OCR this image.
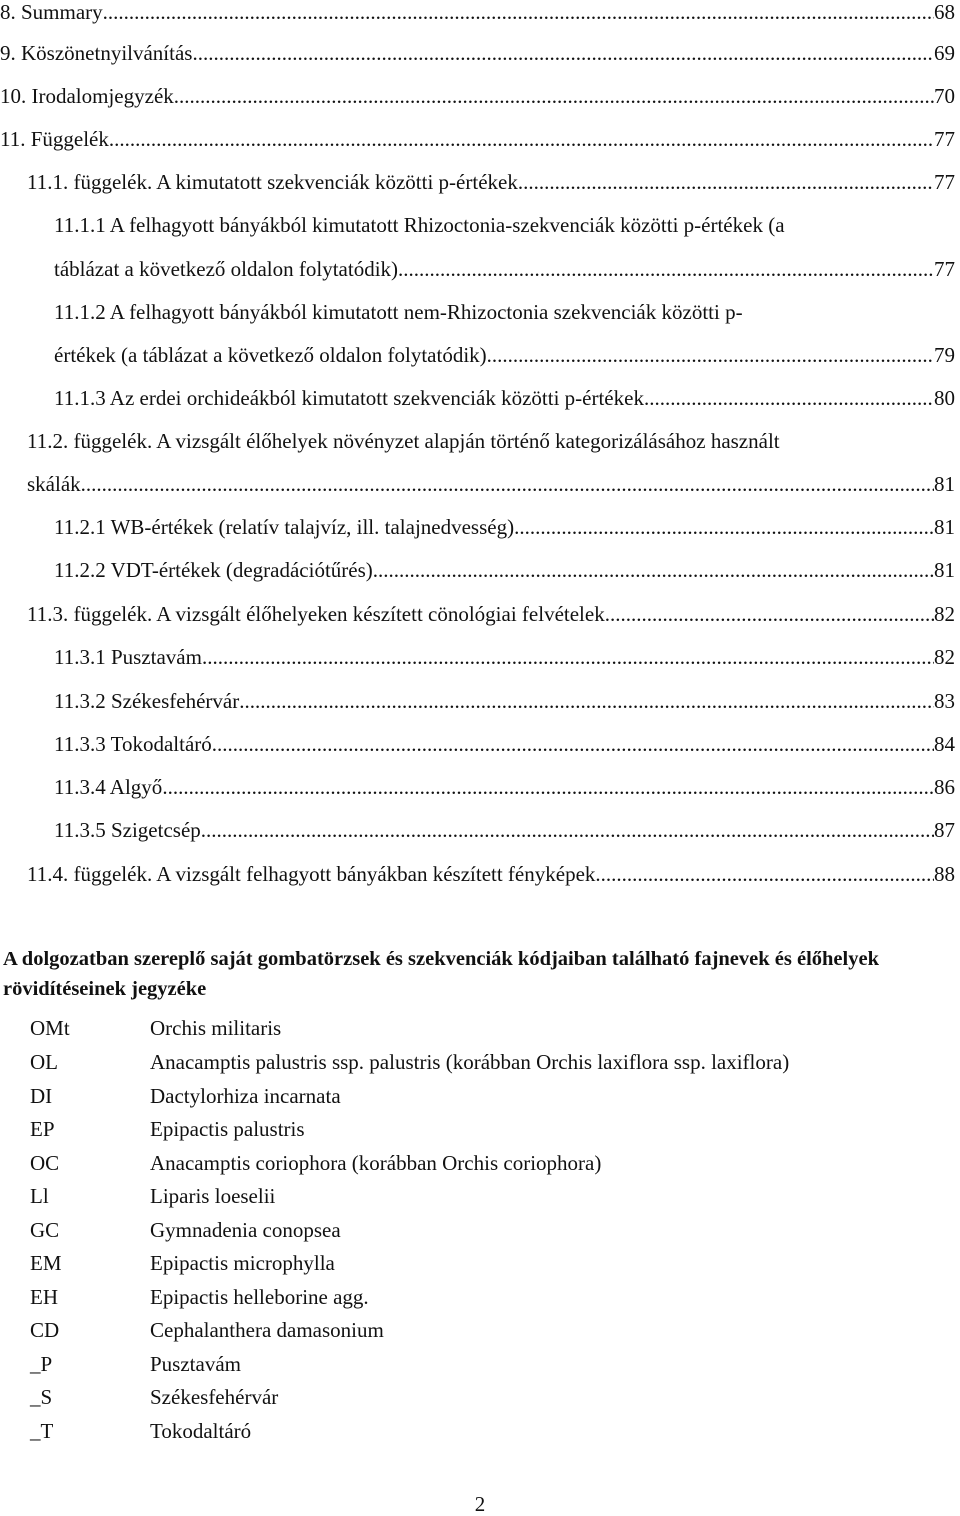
8. Summary .....	68
9. Köszönetnyilvánítás .....	69
10. Irodalomjegyzék .....	70
11. Függelék .....	77
11.1. függelék. A kimutatott szekvenciák közötti p-értékek. .....	77
11.1.1 A felhagyott bányákból kimutatott Rhizoctonia-szekvenciák közötti p-értékek (a
táblázat a következő oldalon folytatódik). .....	77
11.1.2 A felhagyott bányákból kimutatott nem-Rhizoctonia szekvenciák közötti p-
értékek (a táblázat a következő oldalon folytatódik). .....	79
11.1.3 Az erdei orchideákból kimutatott szekvenciák közötti p-értékek. .....	80
11.2. függelék. A vizsgált élőhelyek növényzet alapján történő kategorizálásához használt
skálák .....	81
11.2.1 WB-értékek (relatív talajvíz, ill. talajnedvesség) .....	81
11.2.2 VDT-értékek (degradációtűrés) .....	81
11.3. függelék. A vizsgált élőhelyeken készített cönológiai felvételek .....	82
11.3.1 Pusztavám .....	82
11.3.2 Székesfehérvár .....	83
11.3.3 Tokodaltáró .....	84
11.3.4 Algyő .....	86
11.3.5 Szigetcsép .....	87
11.4. függelék. A vizsgált felhagyott bányákban készített fényképek. .....	88
A dolgozatban szereplő saját gombatörzsek és szekvenciák kódjaiban található fajnevek és élőhelyek rövidítéseinek jegyzéke
OMt	Orchis militaris
OL	Anacamptis palustris ssp. palustris (korábban Orchis laxiflora ssp. laxiflora)
DI	Dactylorhiza incarnata
EP	Epipactis palustris
OC	Anacamptis coriophora (korábban Orchis coriophora)
Ll	Liparis loeselii
GC	Gymnadenia conopsea
EM	Epipactis microphylla
EH	Epipactis helleborine agg.
CD	Cephalanthera damasonium
_P	Pusztavám
_S	Székesfehérvár
_T	Tokodaltáró
2
